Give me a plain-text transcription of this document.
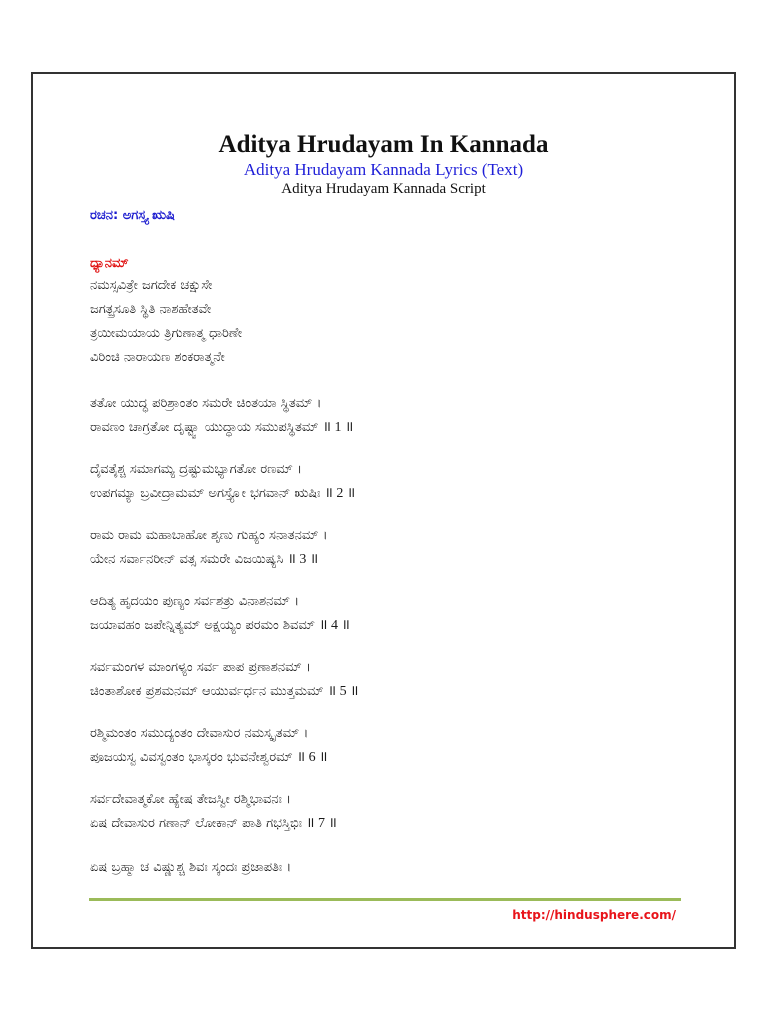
Aditya Hrudayam In Kannada

Aditya Hrudayam Kannada Lyrics (Text)

Aditya Hrudayam Kannada Script

ರಚನ: ಅಗಸ್ತ್ಯ ಋಷಿ
ಧ್ಯಾನಮ್
ನಮಸ್ಸವಿತ್ರೇ ಜಗದೇಕ ಚಕ್ಷುಸೇ
ಜಗತ್ಪ್ರಸೂತಿ ಸ್ಥಿತಿ ನಾಶಹೇತವೇ
ತ್ರಯೀಮಯಾಯ ತ್ರಿಗುಣಾತ್ಮ ಧಾರಿಣೇ
ವಿರಿಂಚಿ ನಾರಾಯಣ ಶಂಕರಾತ್ಮನೇ
ತತೋ ಯುದ್ಧ ಪರಿಶ್ರಾಂತಂ ಸಮರೇ ಚಿಂತಯಾ ಸ್ಥಿತಮ್ ।
ರಾವಣಂ ಚಾಗ್ರತೋ ದೃಷ್ಟ್ವಾ ಯುದ್ಧಾಯ ಸಮುಪಸ್ಥಿತಮ್ ॥ 1 ॥
ದೈವತೈಶ್ಚ ಸಮಾಗಮ್ಯ ದ್ರಷ್ಟುಮಭ್ಯಾಗತೋ ರಣಮ್ ।
ಉಪಗಮ್ಯಾ ಬ್ರವೀದ್ರಾಮಮ್ ಅಗಸ್ತ್ಯೋ ಭಗವಾನ್ ಋಷಿಃ ॥ 2 ॥
ರಾಮ ರಾಮ ಮಹಾಬಾಹೋ ಶೃಣು ಗುಹ್ಯಂ ಸನಾತನಮ್ ।
ಯೇನ ಸರ್ವಾನರೀನ್ ವತ್ಸ ಸಮರೇ ವಿಜಯಿಷ್ಯಸಿ ॥ 3 ॥
ಆದಿತ್ಯ ಹೃದಯಂ ಪುಣ್ಯಂ ಸರ್ವಶತ್ರು ವಿನಾಶನಮ್ ।
ಜಯಾವಹಂ ಜಪೇನ್ನಿತ್ಯಮ್ ಅಕ್ಷಯ್ಯಂ ಪರಮಂ ಶಿವಮ್ ॥ 4 ॥
ಸರ್ವಮಂಗಳ ಮಾಂಗಳ್ಯಂ ಸರ್ವ ಪಾಪ ಪ್ರಣಾಶನಮ್ ।
ಚಿಂತಾಶೋಕ ಪ್ರಶಮನಮ್ ಆಯುರ್ವರ್ಧನ ಮುತ್ತಮಮ್ ॥ 5 ॥
ರಶ್ಮಿಮಂತಂ ಸಮುದ್ಯಂತಂ ದೇವಾಸುರ ನಮಸ್ಕೃತಮ್ ।
ಪೂಜಯಸ್ವ ವಿವಸ್ವಂತಂ ಭಾಸ್ಕರಂ ಭುವನೇಶ್ವರಮ್ ॥ 6 ॥
ಸರ್ವದೇವಾತ್ಮಕೋ ಹ್ಯೇಷ ತೇಜಸ್ವೀ ರಶ್ಮಿಭಾವನಃ ।
ಏಷ ದೇವಾಸುರ ಗಣಾನ್ ಲೋಕಾನ್ ಪಾತಿ ಗಭಸ್ತಿಭಿಃ ॥ 7 ॥
ಏಷ ಬ್ರಹ್ಮಾ ಚ ವಿಷ್ಣುಶ್ಚ ಶಿವಃ ಸ್ಕಂದಃ ಪ್ರಜಾಪತಿಃ ।
http://hindusphere.com/
